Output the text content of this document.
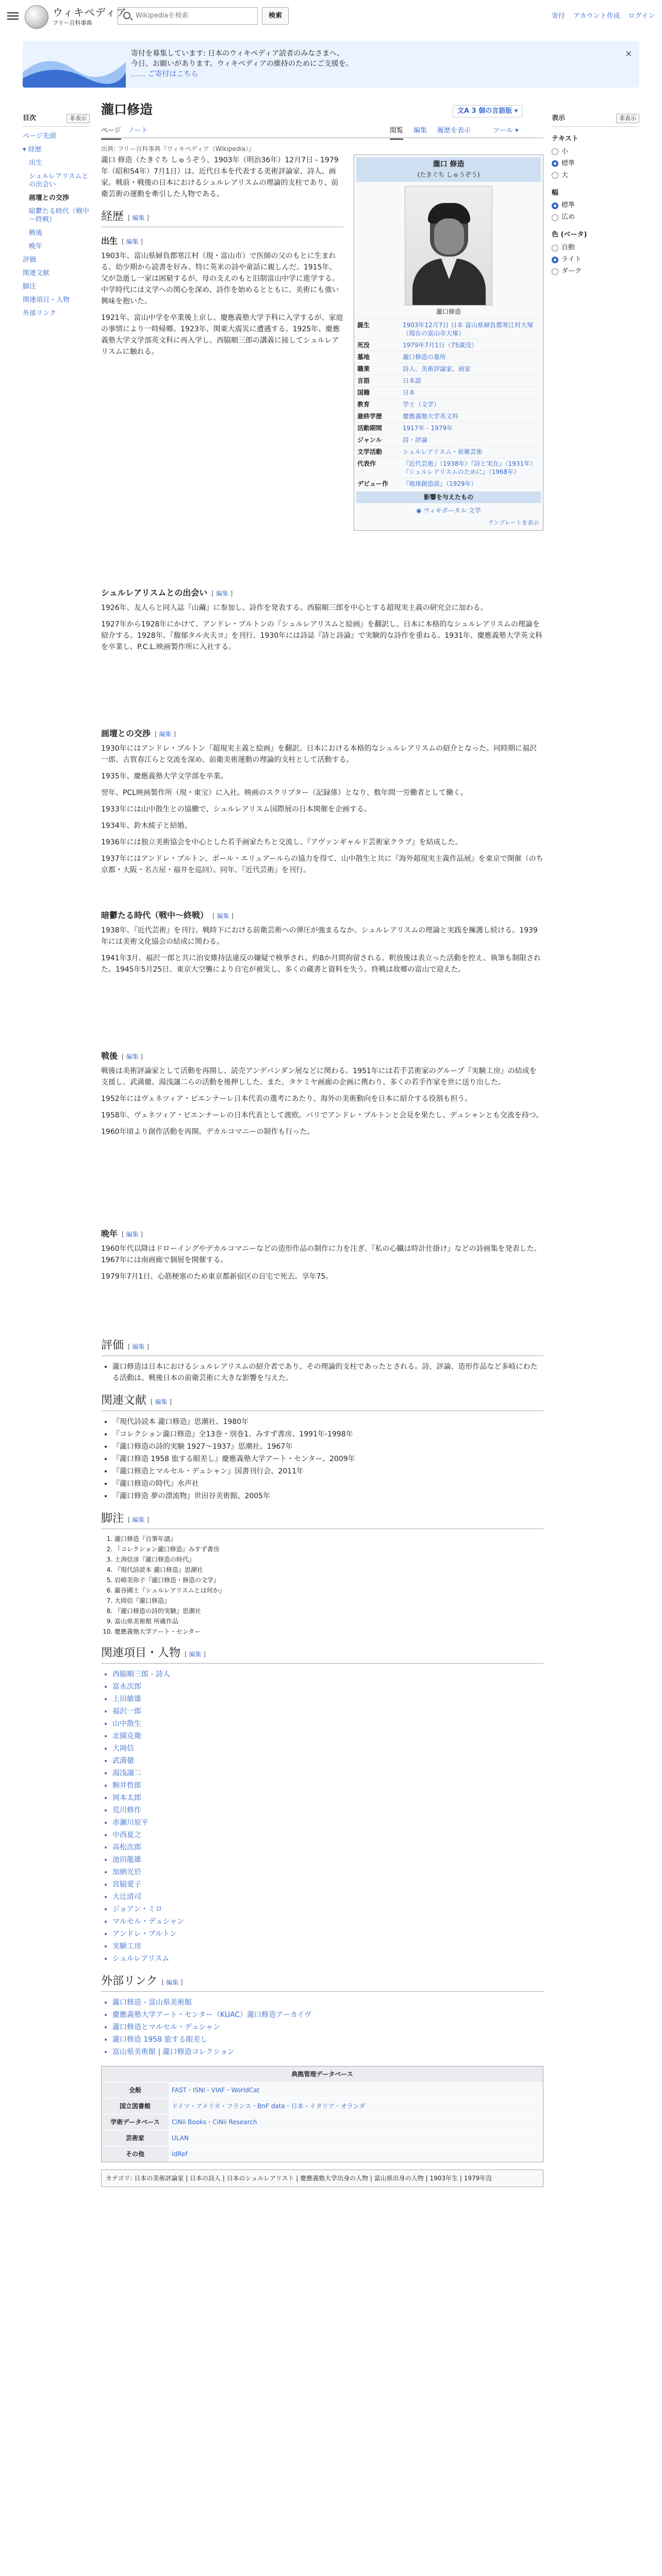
ウィキペディア
フリー百科事典
Wikipediaを検索	検索	寄付 アカウント作成 ログイン
寄付を募集しています: 日本のウィキペディア読者のみなさまへ、
今日、お願いがあります。ウィキペディアの維持のためにご支援を。
…… ご寄付はこちら
✕
目次	非表示
ページ先頭
▾ 経歴
出生
シュルレアリスムとの出会い
画壇との交渉
暗鬱たる時代（戦中～終戦）
戦後
晩年
評価
関連文献
脚注
関連項目・人物
外部リンク
表示	非表示
テキスト
小
標準
大
幅
標準
広め
色 (ベータ)
自動
ライト
ダーク
瀧口修造	文A 3 個の言語版 ▾
ページ ノート	閲覧 編集 履歴を表示	ツール ▾
出典: フリー百科事典『ウィキペディア（Wikipedia）』
瀧口 修造
(たきぐち しゅうぞう)
瀧口修造
誕生	1903年12月7日 日本 富山県婦負郡寒江村大塚（現在の富山市大塚）
死没	1979年7月1日（75歳没）
墓地	瀧口修造の墓所
職業	詩人、美術評論家、画家
言語	日本語
国籍	日本
教育	学士（文学）
最終学歴	慶應義塾大学英文科
活動期間	1917年 - 1979年
ジャンル	詩・評論
文学活動	シュルレアリスム・前衛芸術
代表作	『近代芸術』（1938年）『詩と実在』（1931年）『シュルレアリスムのために』（1968年）
デビュー作	『地球創造説』（1929年）
影響を与えたもの
◉ ウィキポータル 文学
テンプレートを表示

瀧口 修造（たきぐち しゅうぞう、1903年（明治36年）12月7日 - 1979年（昭和54年）7月1日）は、近代日本を代表する美術評論家、詩人、画家。戦前・戦後の日本におけるシュルレアリスムの理論的支柱であり、前衛芸術の運動を牽引した人物である。

経歴 [ 編集 ]
出生 [ 編集 ]

1903年、富山県婦負郡寒江村（現・富山市）で医師の父のもとに生まれる。幼少期から読書を好み、特に英米の詩や童話に親しんだ。1915年、父が急逝し一家は困窮するが、母の支えのもと旧制富山中学に進学する。中学時代には文学への関心を深め、詩作を始めるとともに、美術にも強い興味を抱いた。

1921年、富山中学を卒業後上京し、慶應義塾大学予科に入学するが、家庭の事情により一時帰郷。1923年、関東大震災に遭遇する。1925年、慶應義塾大学文学部英文科に再入学し、西脇順三郎の講義に接してシュルレアリスムに触れる。

シュルレアリスムとの出会い [ 編集 ]

1926年、友人らと同人誌『山繭』に参加し、詩作を発表する。西脇順三郎を中心とする超現実主義の研究会に加わる。

1927年から1928年にかけて、アンドレ・ブルトンの『シュルレアリスムと絵画』を翻訳し、日本に本格的なシュルレアリスムの理論を紹介する。1928年、『馥郁タル火夫ヨ』を刊行、1930年には詩誌『詩と詩論』で実験的な詩作を重ねる。1931年、慶應義塾大学英文科を卒業し、P.C.L.映画製作所に入社する。

画壇との交渉 [ 編集 ]

1930年にはアンドレ・ブルトン『超現実主義と絵画』を翻訳。日本における本格的なシュルレアリスムの紹介となった。同時期に福沢一郎、古賀春江らと交流を深め、前衛美術運動の理論的支柱として活動する。

1935年、慶應義塾大学文学部を卒業。

翌年、PCL映画製作所（現・東宝）に入社。映画のスクリプター（記録係）となり、数年間一労働者として働く。

1933年には山中散生との協働で、シュルレアリスム国際展の日本開催を企画する。

1934年、鈴木綾子と結婚。

1936年には独立美術協会を中心とした若手画家たちと交流し、『アヴァンギャルド芸術家クラブ』を結成した。

1937年にはアンドレ・ブルトン、ポール・エリュアールらの協力を得て、山中散生と共に『海外超現実主義作品展』を東京で開催（のち京都・大阪・名古屋・福井を巡回）。同年、『近代芸術』を刊行。

暗鬱たる時代（戦中～終戦） [ 編集 ]

1938年、『近代芸術』を刊行。戦時下における前衛芸術への弾圧が強まるなか、シュルレアリスムの理論と実践を擁護し続ける。1939年には美術文化協会の結成に関わる。

1941年3月、福沢一郎と共に治安維持法違反の嫌疑で検挙され、約8か月間拘留される。釈放後は表立った活動を控え、執筆も制限された。1945年5月25日、東京大空襲により自宅が被災し、多くの蔵書と資料を失う。終戦は故郷の富山で迎えた。

戦後 [ 編集 ]

戦後は美術評論家として活動を再開し、読売アンデパンダン展などに関わる。1951年には若手芸術家のグループ『実験工房』の結成を支援し、武満徹、湯浅譲二らの活動を後押しした。また、タケミヤ画廊の企画に携わり、多くの若手作家を世に送り出した。

1952年にはヴェネツィア・ビエンナーレ日本代表の選考にあたり、海外の美術動向を日本に紹介する役割も担う。

1958年、ヴェネツィア・ビエンナーレの日本代表として渡欧。パリでアンドレ・ブルトンと会見を果たし、デュシャンとも交流を持つ。

1960年頃より創作活動を再開。デカルコマニーの制作も行った。

晩年 [ 編集 ]

1960年代以降はドローイングやデカルコマニーなどの造形作品の制作に力を注ぎ、『私の心臓は時計仕掛け』などの詩画集を発表した。1967年には南画廊で個展を開催する。

1979年7月1日、心筋梗塞のため東京都新宿区の自宅で死去。享年75。

評価 [ 編集 ]
• 瀧口修造は日本におけるシュルレアリスムの紹介者であり、その理論的支柱であったとされる。詩、評論、造形作品など多岐にわたる活動は、戦後日本の前衛芸術に大きな影響を与えた。
関連文献 [ 編集 ]
• 『現代詩読本 瀧口修造』思潮社、1980年
• 『コレクション瀧口修造』全13巻・別巻1、みすず書房、1991年-1998年
• 『瀧口修造の詩的実験 1927～1937』思潮社、1967年
• 『瀧口修造 1958 旅する眼差し』慶應義塾大学アート・センター、2009年
• 『瀧口修造とマルセル・デュシャン』国書刊行会、2011年
• 『瀧口修造の時代』水声社
• 『瀧口修造 夢の漂流物』世田谷美術館、2005年
脚注 [ 編集 ]
1. 瀧口修造『自筆年譜』
2. 『コレクション瀧口修造』みすず書房
3. 土渕信彦『瀧口修造の時代』
4. 『現代詩読本 瀧口修造』思潮社
5. 岩崎美弥子『瀧口修造・修造の文学』
6. 巌谷國士『シュルレアリスムとは何か』
7. 大岡信『瀧口修造』
8. 『瀧口修造の詩的実験』思潮社
9. 富山県美術館 所蔵作品
10. 慶應義塾大学アート・センター
関連項目・人物 [ 編集 ]
• 西脇順三郎 - 詩人
• 富永次郎
• 上田敏雄
• 福沢一郎
• 山中散生
• 北園克衛
• 大岡信
• 武満徹
• 湯浅譲二
• 駒井哲郎
• 岡本太郎
• 荒川修作
• 赤瀬川原平
• 中西夏之
• 高松次郎
• 池田龍雄
• 加納光於
• 宮脇愛子
• 大辻清司
• ジョアン・ミロ
• マルセル・デュシャン
• アンドレ・ブルトン
• 実験工房
• シュルレアリスム
外部リンク [ 編集 ]
• 瀧口修造 - 富山県美術館
• 慶應義塾大学アート・センター（KUAC）瀧口修造アーカイヴ
• 瀧口修造とマルセル・デュシャン
• 瀧口修造 1958 旅する眼差し
• 富山県美術館 | 瀧口修造コレクション
典拠管理データベース
全般	FAST・ISNI・VIAF・WorldCat
国立図書館	ドイツ・アメリカ・フランス・BnF data・日本・イタリア・オランダ
学術データベース	CiNii Books・CiNii Research
芸術家	ULAN
その他	IdRef
カテゴリ: 日本の美術評論家 | 日本の詩人 | 日本のシュルレアリスト | 慶應義塾大学出身の人物 | 富山県出身の人物 | 1903年生 | 1979年没
